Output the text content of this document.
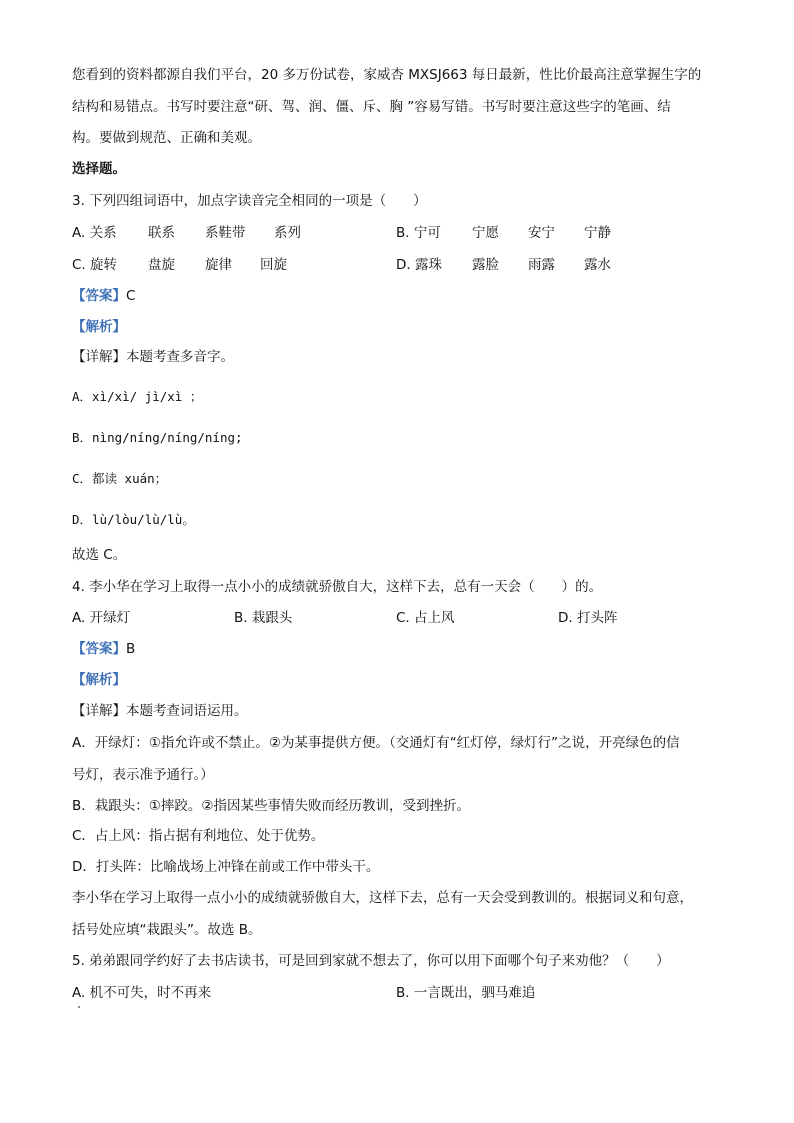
您看到的资料都源自我们平台，20 多万份试卷，家威杏 MXSJ663 每日最新，性比价最高注意掌握生字的
结构和易错点。书写时要注意“研、驾、润、僵、斥、胸 ”容易写错。书写时要注意这些字的笔画、结
构。要做到规范、正确和美观。
选择题。
3. 下列四组词语中，加点字读音完全相同的一项是（　　）
A. 关系 联系 系鞋带 系列	B. 宁可 宁愿 安宁 宁静
C. 旋转 盘旋 旋律 回旋	D. 露珠 露脸 雨露 露水
【答案】C
【解析】
【详解】本题考查多音字。
A．xì/xì/ jì/xì ；
B．nìng/níng/níng/níng;
C．都读 xuán；
D．lù/lòu/lù/lù。
故选 C。
4. 李小华在学习上取得一点小小的成绩就骄傲自大，这样下去，总有一天会（　　）的。
A. 开绿灯	B. 栽跟头	C. 占上风	D. 打头阵
【答案】B
【解析】
【详解】本题考查词语运用。
A．开绿灯：①指允许或不禁止。②为某事提供方便。（交通灯有“红灯停，绿灯行”之说，开亮绿色的信
号灯，表示准予通行。）
B．栽跟头：①摔跤。②指因某些事情失败而经历教训，受到挫折。
C．占上风：指占据有利地位、处于优势。
D．打头阵：比喻战场上冲锋在前或工作中带头干。
李小华在学习上取得一点小小的成绩就骄傲自大，这样下去，总有一天会受到教训的。根据词义和句意，
括号处应填“栽跟头”。故选 B。
5. 弟弟跟同学约好了去书店读书，可是回到家就不想去了，你可以用下面哪个句子来劝他？（　　）
A. 机不可失，时不再来	B. 一言既出，驷马难追
